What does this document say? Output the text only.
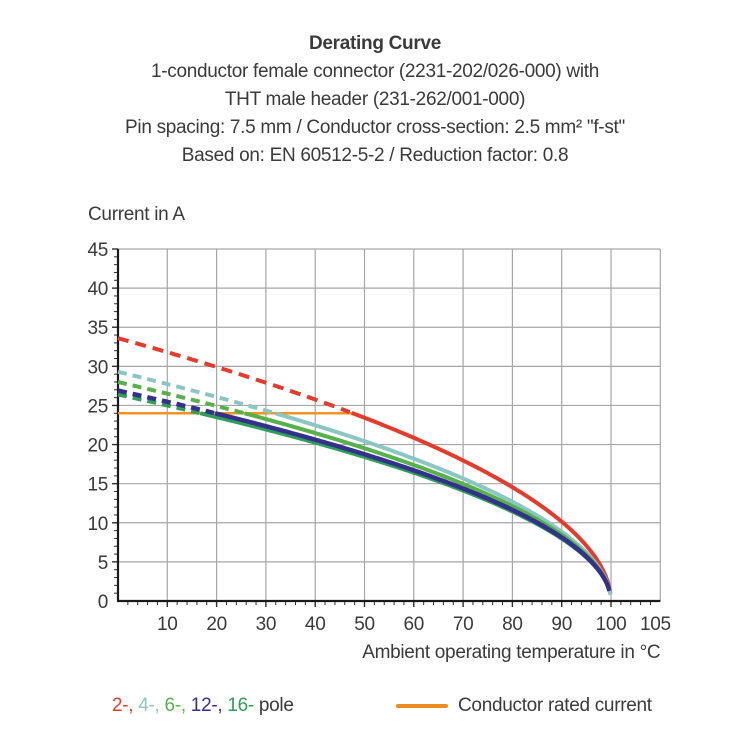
Derating Curve
1-conductor female connector (2231-202/026-000) with
THT male header (231-262/001-000)
Pin spacing: 7.5 mm / Conductor cross-section: 2.5 mm² "f-st"
Based on: EN 60512-5-2 / Reduction factor: 0.8
0
5
10
15
20
25
30
35
40
45
10 20 30 40 50 60 70 80 90 100 105
Current in A
Ambient operating temperature in °C
2-, 4-, 6-, 12-, 16- pole	Conductor rated current
